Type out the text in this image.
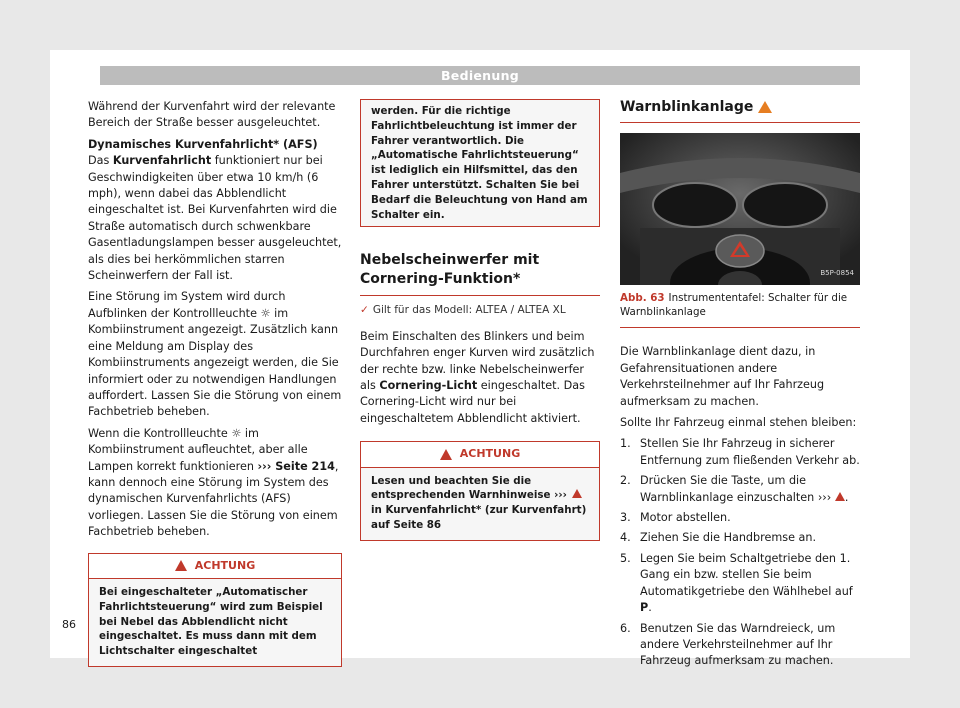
Bedienung

Während der Kurvenfahrt wird der relevante Bereich der Straße besser ausgeleuchtet.

Dynamisches Kurvenfahrlicht* (AFS)

Das Kurvenfahrlicht funktioniert nur bei Geschwindigkeiten über etwa 10 km/h (6 mph), wenn dabei das Abblendlicht eingeschaltet ist. Bei Kurvenfahrten wird die Straße automatisch durch schwenkbare Gasentladungslampen besser ausgeleuchtet, als dies bei herkömmlichen starren Scheinwerfern der Fall ist.

Eine Störung im System wird durch Aufblinken der Kontrollleuchte ☼ im Kombiinstrument angezeigt. Zusätzlich kann eine Meldung am Display des Kombiinstruments angezeigt werden, die Sie informiert oder zu notwendigen Handlungen auffordert. Lassen Sie die Störung von einem Fachbetrieb beheben.

Wenn die Kontrollleuchte ☼ im Kombiinstrument aufleuchtet, aber alle Lampen korrekt funktionieren ››› Seite 214, kann dennoch eine Störung im System des dynamischen Kurvenfahrlichts (AFS) vorliegen. Lassen Sie die Störung von einem Fachbetrieb beheben.

ACHTUNG
Bei eingeschalteter „Automatischer Fahrlichtsteuerung“ wird zum Beispiel bei Nebel das Abblendlicht nicht eingeschaltet. Es muss dann mit dem Lichtschalter eingeschaltet
werden. Für die richtige Fahrlichtbeleuchtung ist immer der Fahrer verantwortlich. Die „Automatische Fahrlichtsteuerung“ ist lediglich ein Hilfsmittel, das den Fahrer unterstützt. Schalten Sie bei Bedarf die Beleuchtung von Hand am Schalter ein.
Nebelscheinwerfer mit Cornering-Funktion*
✓ Gilt für das Modell: ALTEA / ALTEA XL

Beim Einschalten des Blinkers und beim Durchfahren enger Kurven wird zusätzlich der rechte bzw. linke Nebelscheinwerfer als Cornering-Licht eingeschaltet. Das Cornering-Licht wird nur bei eingeschaltetem Abblendlicht aktiviert.

ACHTUNG
Lesen und beachten Sie die entsprechenden Warnhinweise ›››  in Kurvenfahrlicht* (zur Kurvenfahrt) auf Seite 86
Warnblinkanlage
B5P-0854
Abb. 63 Instrumententafel: Schalter für die Warnblinkanlage

Die Warnblinkanlage dient dazu, in Gefahrensituationen andere Verkehrsteilnehmer auf Ihr Fahrzeug aufmerksam zu machen.

Sollte Ihr Fahrzeug einmal stehen bleiben:

1. Stellen Sie Ihr Fahrzeug in sicherer Entfernung zum fließenden Verkehr ab.
2. Drücken Sie die Taste, um die Warnblinkanlage einzuschalten ››› .
3. Motor abstellen.
4. Ziehen Sie die Handbremse an.
5. Legen Sie beim Schaltgetriebe den 1. Gang ein bzw. stellen Sie beim Automatikgetriebe den Wählhebel auf P.
6. Benutzen Sie das Warndreieck, um andere Verkehrsteilnehmer auf Ihr Fahrzeug aufmerksam zu machen.
86
